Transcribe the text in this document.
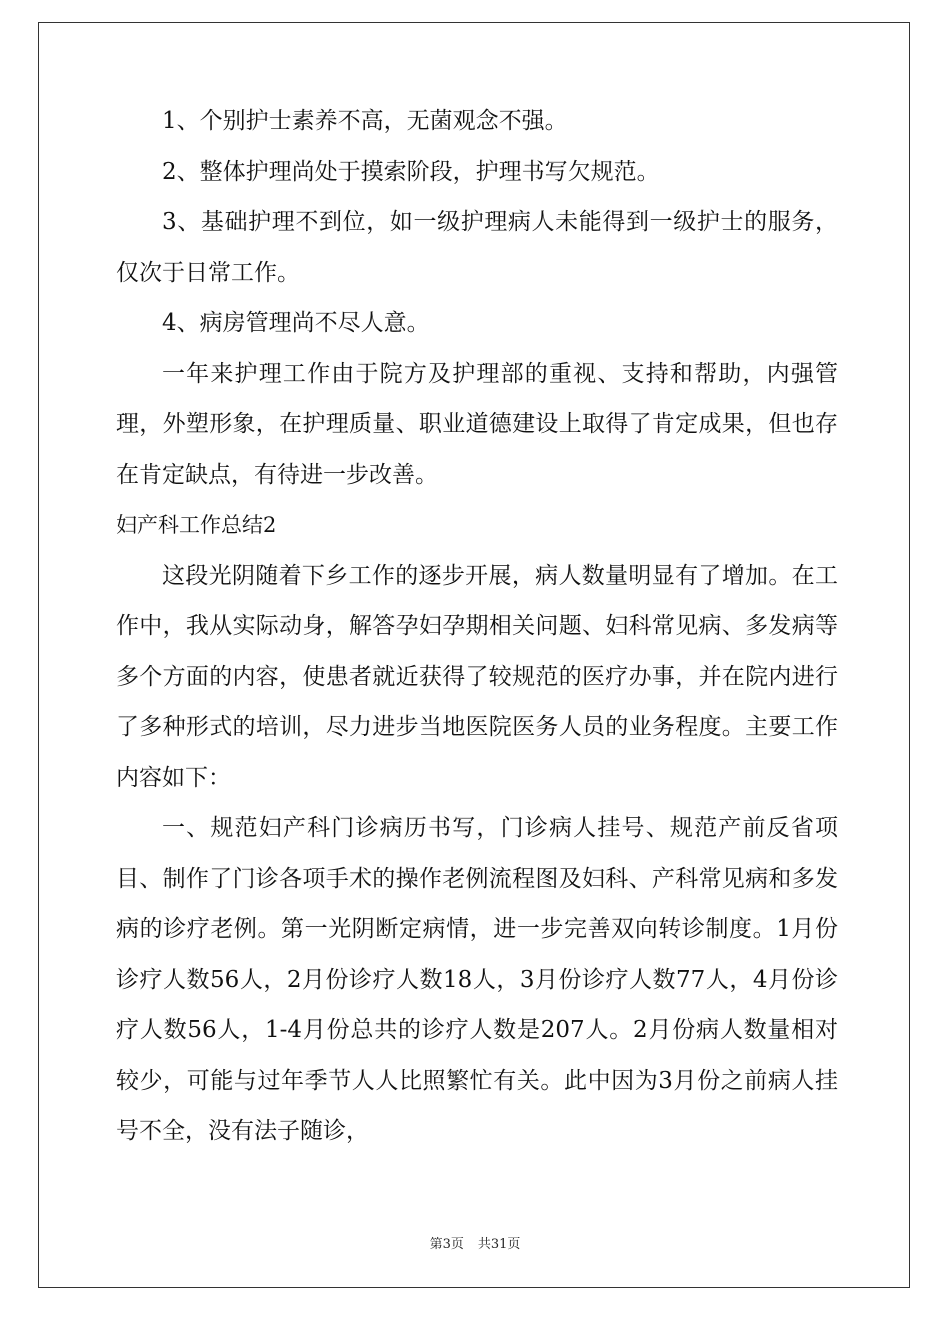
1、个别护士素养不高，无菌观念不强。

2、整体护理尚处于摸索阶段，护理书写欠规范。

3、基础护理不到位，如一级护理病人未能得到一级护士的服务，仅次于日常工作。

4、病房管理尚不尽人意。

一年来护理工作由于院方及护理部的重视、支持和帮助，内强管理，外塑形象，在护理质量、职业道德建设上取得了肯定成果，但也存在肯定缺点，有待进一步改善。

妇产科工作总结2

这段光阴随着下乡工作的逐步开展，病人数量明显有了增加。在工作中，我从实际动身，解答孕妇孕期相关问题、妇科常见病、多发病等多个方面的内容，使患者就近获得了较规范的医疗办事，并在院内进行了多种形式的培训，尽力进步当地医院医务人员的业务程度。主要工作内容如下：

一、规范妇产科门诊病历书写，门诊病人挂号、规范产前反省项目、制作了门诊各项手术的操作老例流程图及妇科、产科常见病和多发病的诊疗老例。第一光阴断定病情，进一步完善双向转诊制度。1月份诊疗人数56人，2月份诊疗人数18人，3月份诊疗人数77人，4月份诊疗人数56人，1-4月份总共的诊疗人数是207人。2月份病人数量相对较少，可能与过年季节人人比照繁忙有关。此中因为3月份之前病人挂号不全，没有法子随诊，

第3页 共31页
